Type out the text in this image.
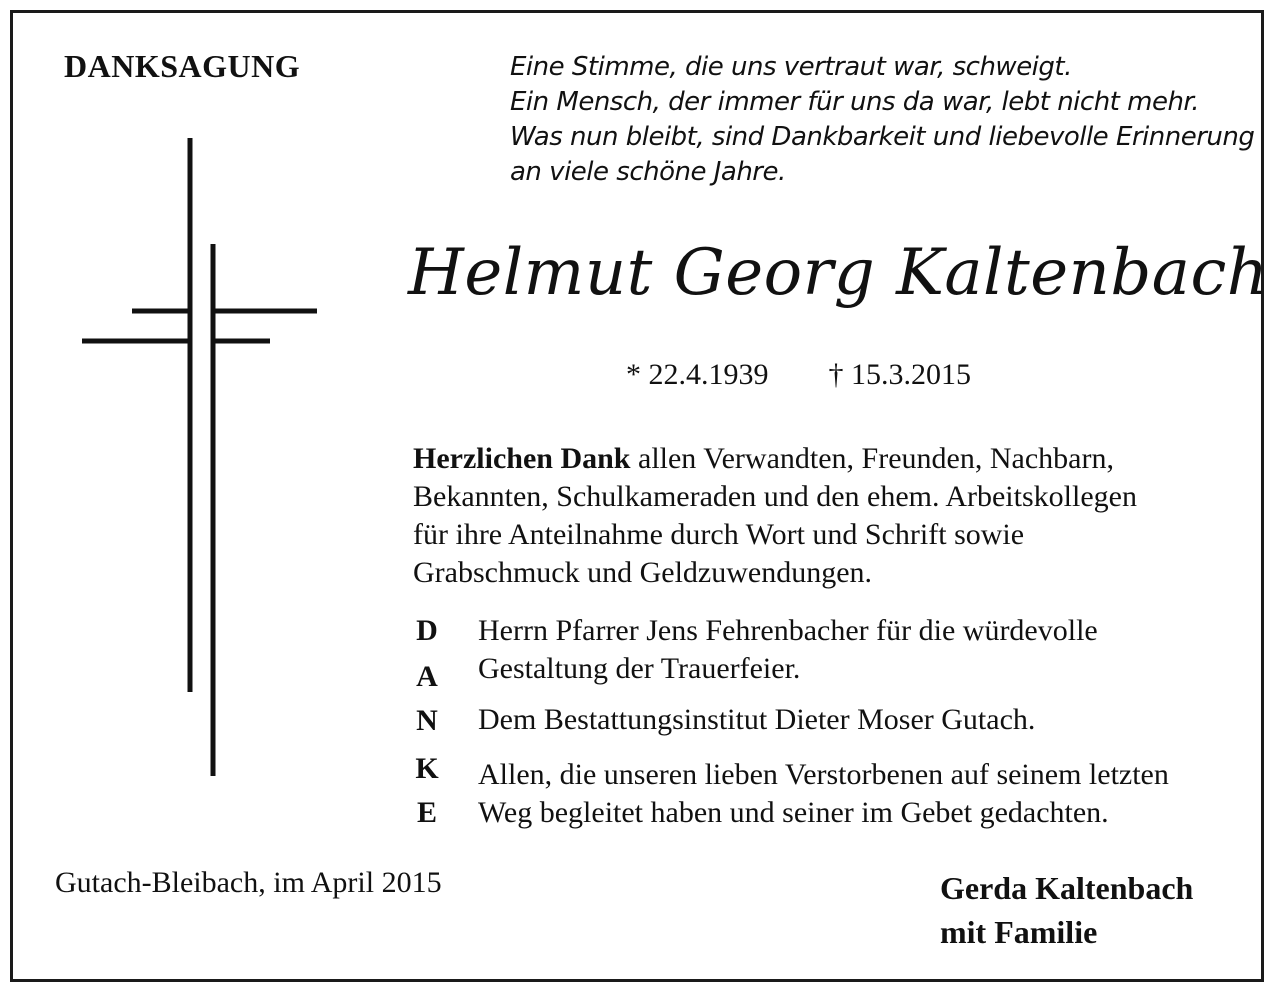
DANKSAGUNG	Eine Stimme, die uns vertraut war, schweigt.
Ein Mensch, der immer für uns da war, lebt nicht mehr.
Was nun bleibt, sind Dankbarkeit und liebevolle Erinnerung
an viele schöne Jahre.
Helmut Georg Kaltenbach
* 22.4.1939 † 15.3.2015
Herzlichen Dank allen Verwandten, Freunden, Nachbarn,
Bekannten, Schulkameraden und den ehem. Arbeitskollegen
für ihre Anteilnahme durch Wort und Schrift sowie
Grabschmuck und Geldzuwendungen.
D
A
N
K
E
Herrn Pfarrer Jens Fehrenbacher für die würdevolle
Gestaltung der Trauerfeier.
Dem Bestattungsinstitut Dieter Moser Gutach.
Allen, die unseren lieben Verstorbenen auf seinem letzten
Weg begleitet haben und seiner im Gebet gedachten.
Gutach-Bleibach, im April 2015	Gerda Kaltenbach
mit Familie
